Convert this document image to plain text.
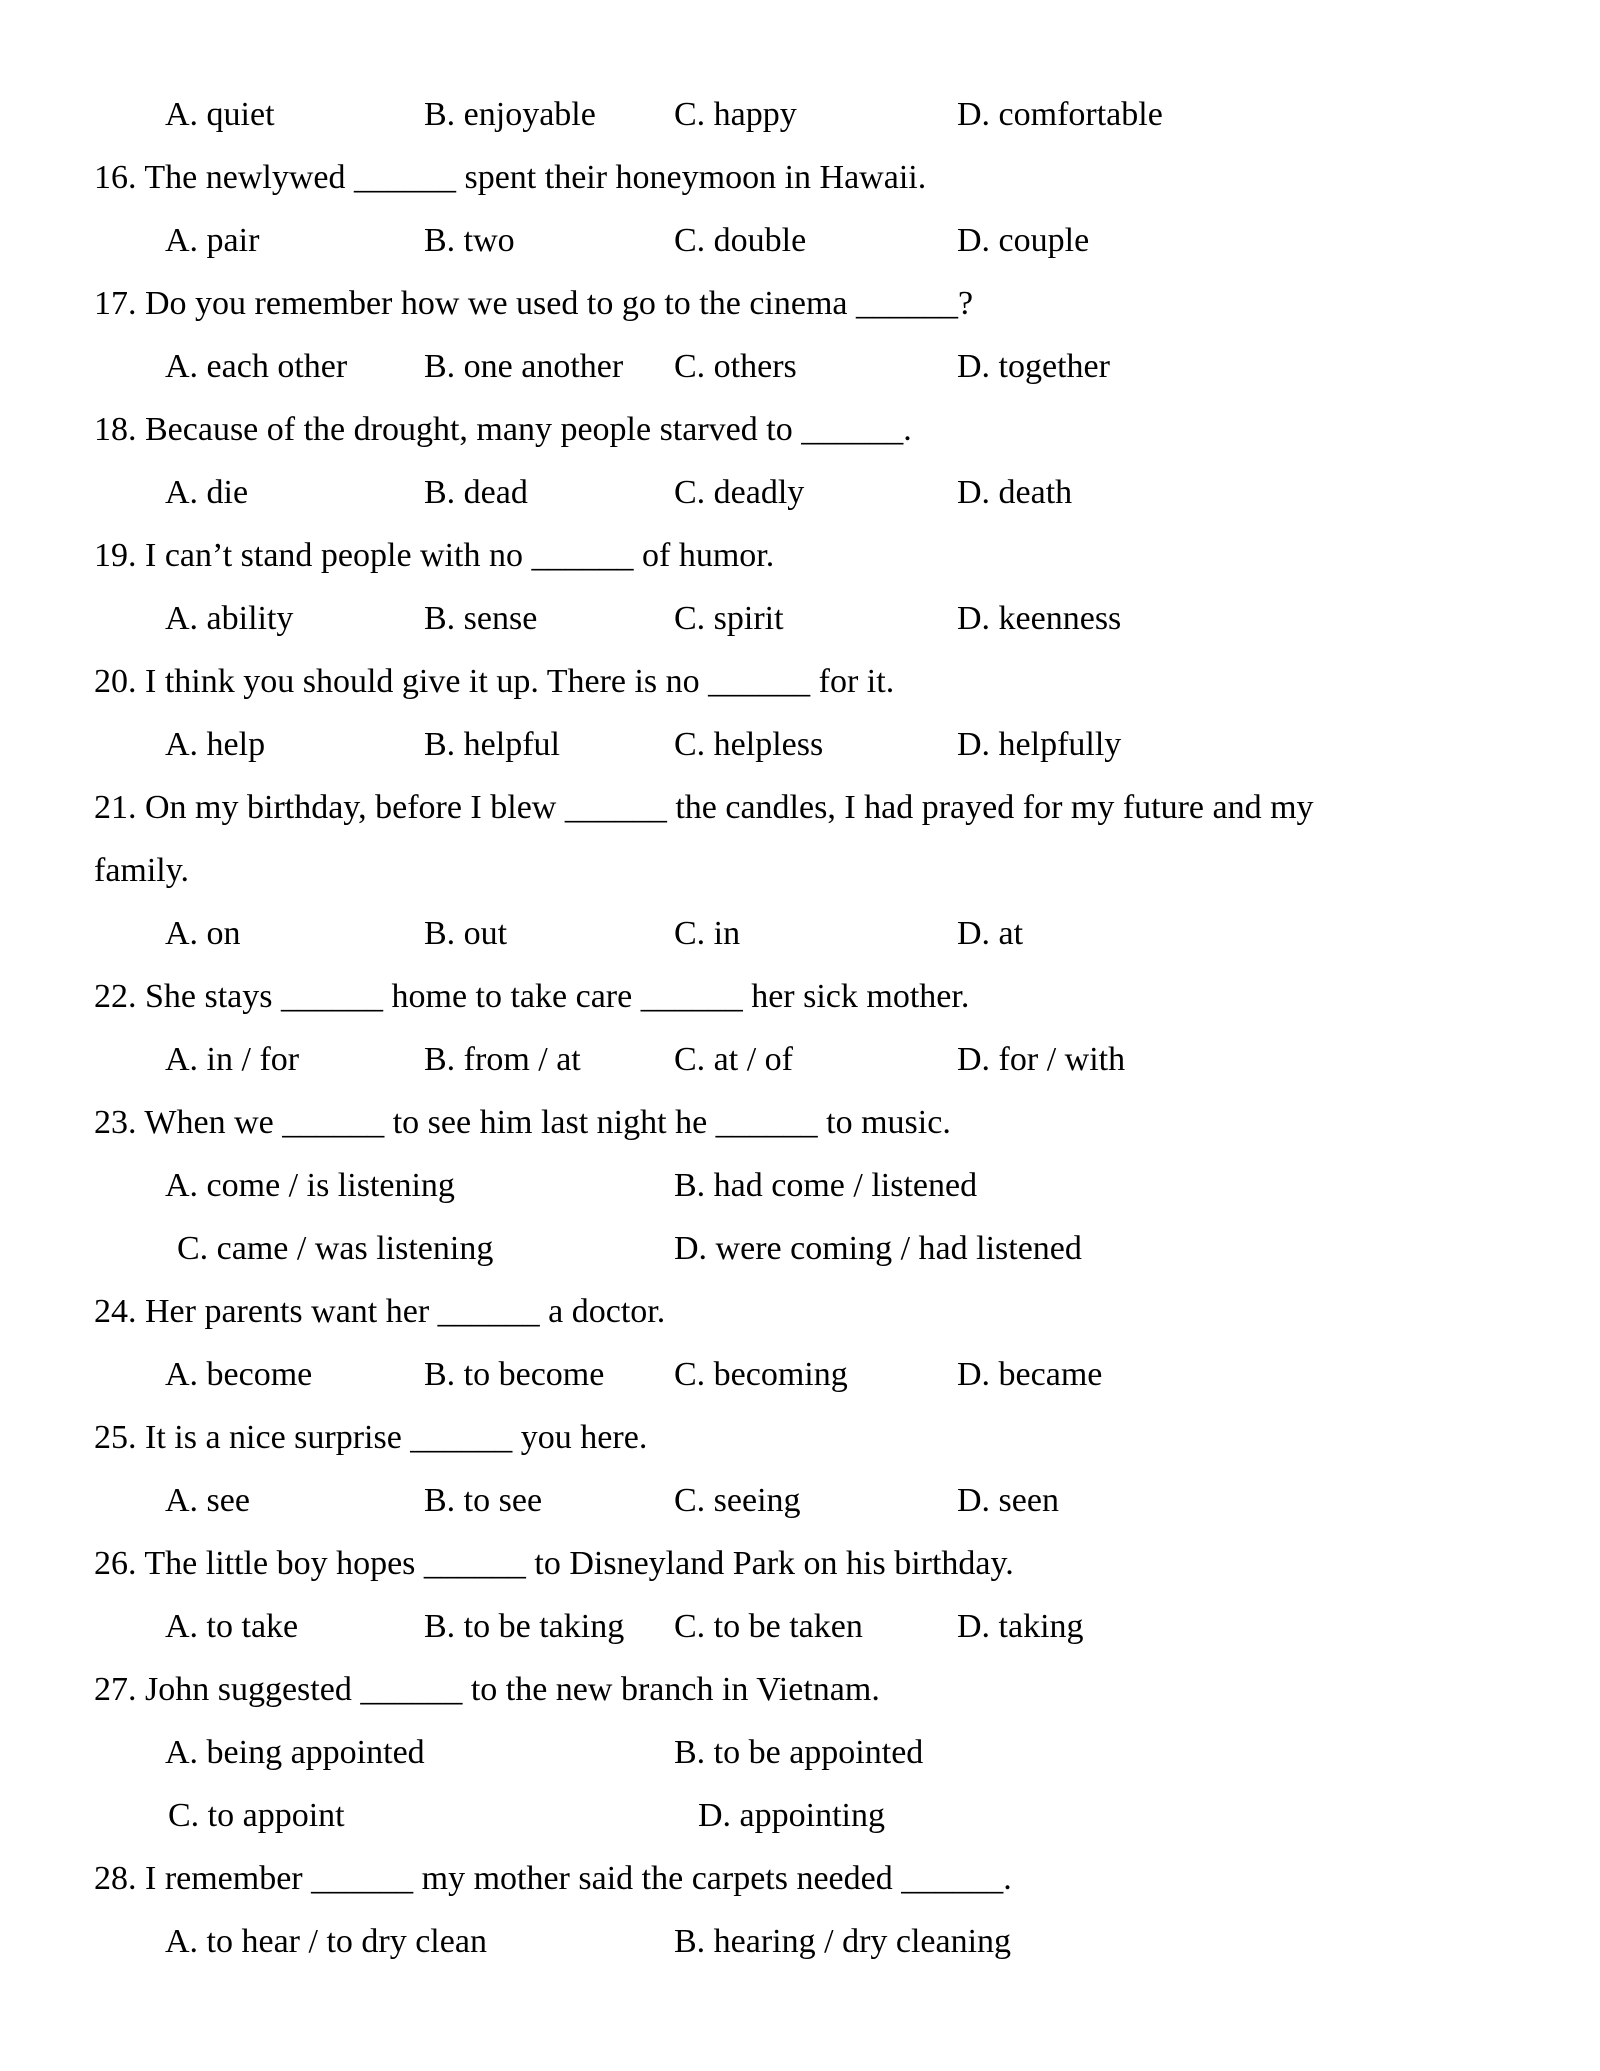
A. quiet	B. enjoyable C. happy	D. comfortable
16. The newlywed ______ spent their honeymoon in Hawaii.
A. pair	B. two	C. double	D. couple
17. Do you remember how we used to go to the cinema ______?
A. each other B. one another C. others	D. together
18. Because of the drought, many people starved to ______.
A. die	B. dead	C. deadly	D. death
19. I can’t stand people with no ______ of humor.
A. ability	B. sense	C. spirit	D. keenness
20. I think you should give it up. There is no ______ for it.
A. help	B. helpful	C. helpless	D. helpfully
21. On my birthday, before I blew ______ the candles, I had prayed for my future and my
family.
A. on	B. out	C. in	D. at
22. She stays ______ home to take care ______ her sick mother.
A. in / for	B. from / at	C. at / of	D. for / with
23. When we ______ to see him last night he ______ to music.
A. come / is listening	B. had come / listened
C. came / was listening	D. were coming / had listened
24. Her parents want her ______ a doctor.
A. become	B. to become C. becoming	D. became
25. It is a nice surprise ______ you here.
A. see	B. to see	C. seeing	D. seen
26. The little boy hopes ______ to Disneyland Park on his birthday.
A. to take	B. to be taking C. to be taken	D. taking
27. John suggested ______ to the new branch in Vietnam.
A. being appointed	B. to be appointed
C. to appoint	D. appointing
28. I remember ______ my mother said the carpets needed ______.
A. to hear / to dry clean	B. hearing / dry cleaning
